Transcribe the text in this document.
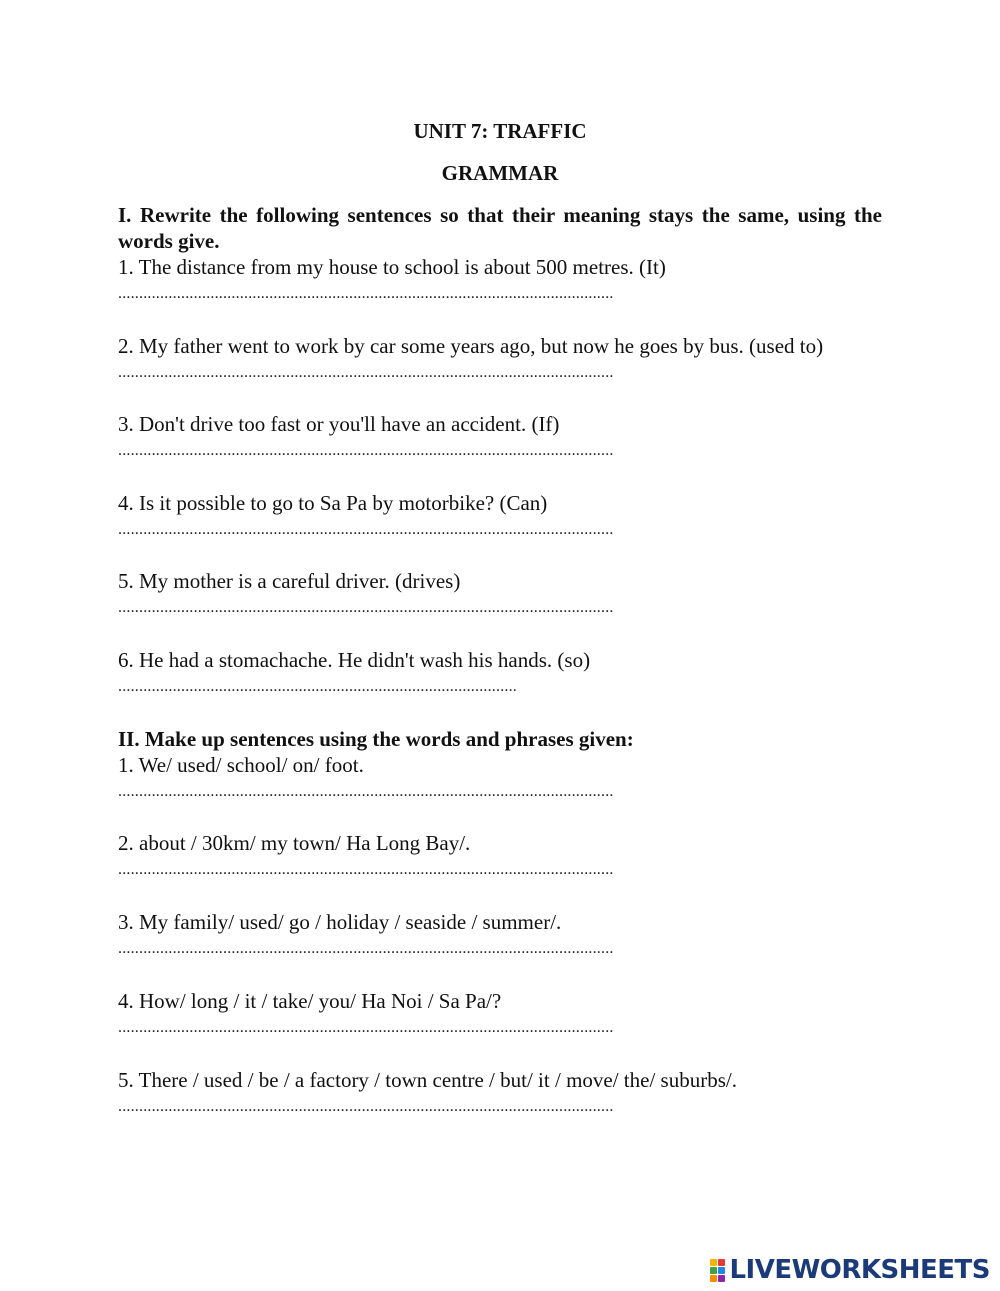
UNIT 7: TRAFFIC
GRAMMAR
I. Rewrite the following sentences so that their meaning stays the same, using the words give.
1. The distance from my house to school is about 500 metres. (It)
......................................................................................................................
2. My father went to work by car some years ago, but now he goes by bus. (used to)
......................................................................................................................
3. Don't drive too fast or you'll have an accident. (If)
......................................................................................................................
4. Is it possible to go to Sa Pa by motorbike? (Can)
......................................................................................................................
5. My mother is a careful driver. (drives)
......................................................................................................................
6. He had a stomachache. He didn't wash his hands. (so)
...............................................................................................
II. Make up sentences using the words and phrases given:
1. We/ used/ school/ on/ foot.
......................................................................................................................
2. about / 30km/ my town/ Ha Long Bay/.
......................................................................................................................
3. My family/ used/ go / holiday / seaside / summer/.
......................................................................................................................
4. How/ long / it / take/ you/ Ha Noi / Sa Pa/?
......................................................................................................................
5. There / used / be / a factory / town centre / but/ it / move/ the/ suburbs/.
......................................................................................................................
LIVEWORKSHEETS
